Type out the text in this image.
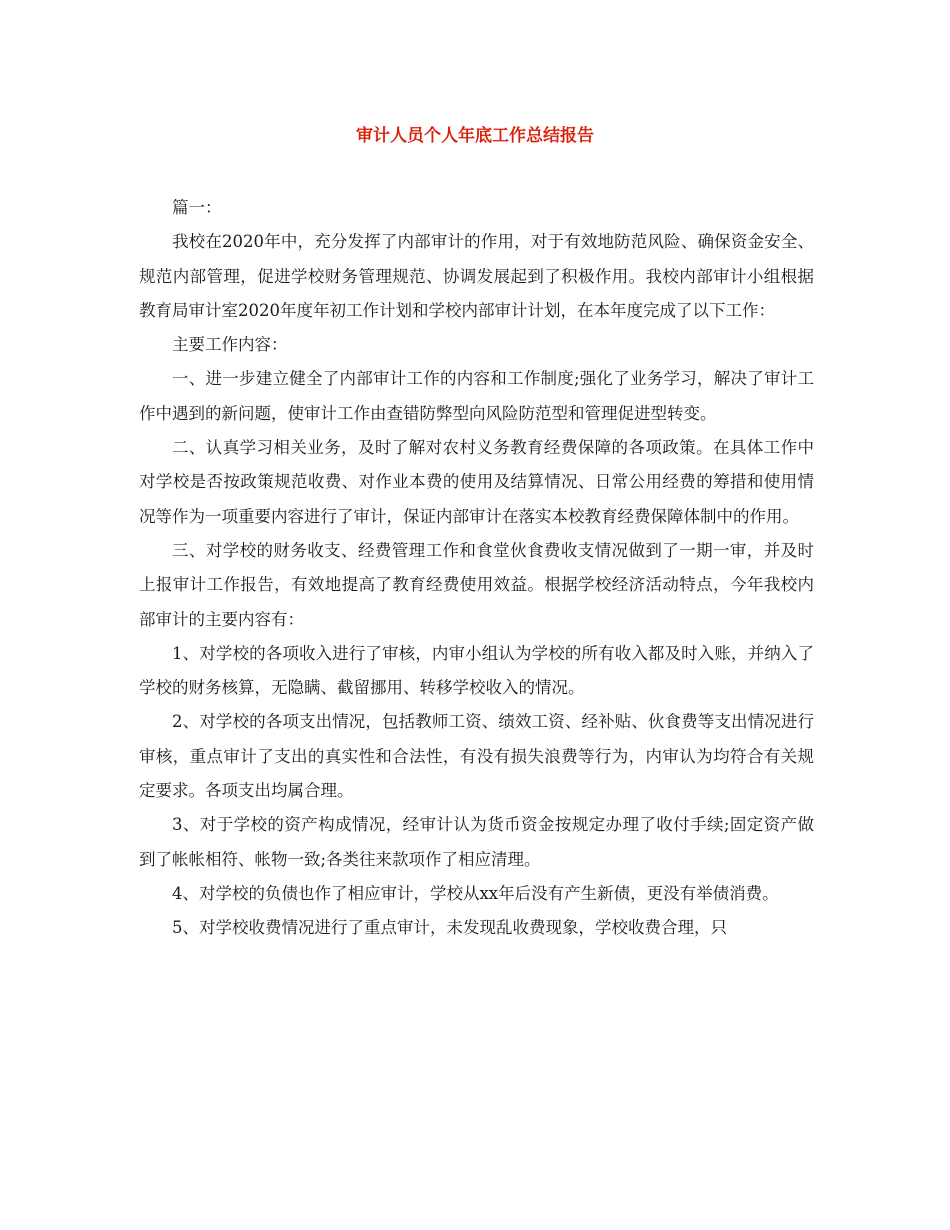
审计人员个人年底工作总结报告

篇一：

我校在2020年中，充分发挥了内部审计的作用，对于有效地防范风险、确保资金安全、规范内部管理，促进学校财务管理规范、协调发展起到了积极作用。我校内部审计小组根据教育局审计室2020年度年初工作计划和学校内部审计计划，在本年度完成了以下工作：

主要工作内容：

一、进一步建立健全了内部审计工作的内容和工作制度;强化了业务学习，解决了审计工作中遇到的新问题，使审计工作由查错防弊型向风险防范型和管理促进型转变。

二、认真学习相关业务，及时了解对农村义务教育经费保障的各项政策。在具体工作中对学校是否按政策规范收费、对作业本费的使用及结算情况、日常公用经费的筹措和使用情况等作为一项重要内容进行了审计，保证内部审计在落实本校教育经费保障体制中的作用。

三、对学校的财务收支、经费管理工作和食堂伙食费收支情况做到了一期一审，并及时上报审计工作报告，有效地提高了教育经费使用效益。根据学校经济活动特点，今年我校内部审计的主要内容有：

1、对学校的各项收入进行了审核，内审小组认为学校的所有收入都及时入账，并纳入了学校的财务核算，无隐瞒、截留挪用、转移学校收入的情况。

2、对学校的各项支出情况，包括教师工资、绩效工资、经补贴、伙食费等支出情况进行审核，重点审计了支出的真实性和合法性，有没有损失浪费等行为，内审认为均符合有关规定要求。各项支出均属合理。

3、对于学校的资产构成情况，经审计认为货币资金按规定办理了收付手续;固定资产做到了帐帐相符、帐物一致;各类往来款项作了相应清理。

4、对学校的负债也作了相应审计，学校从xx年后没有产生新债，更没有举债消费。

5、对学校收费情况进行了重点审计，未发现乱收费现象，学校收费合理，只
